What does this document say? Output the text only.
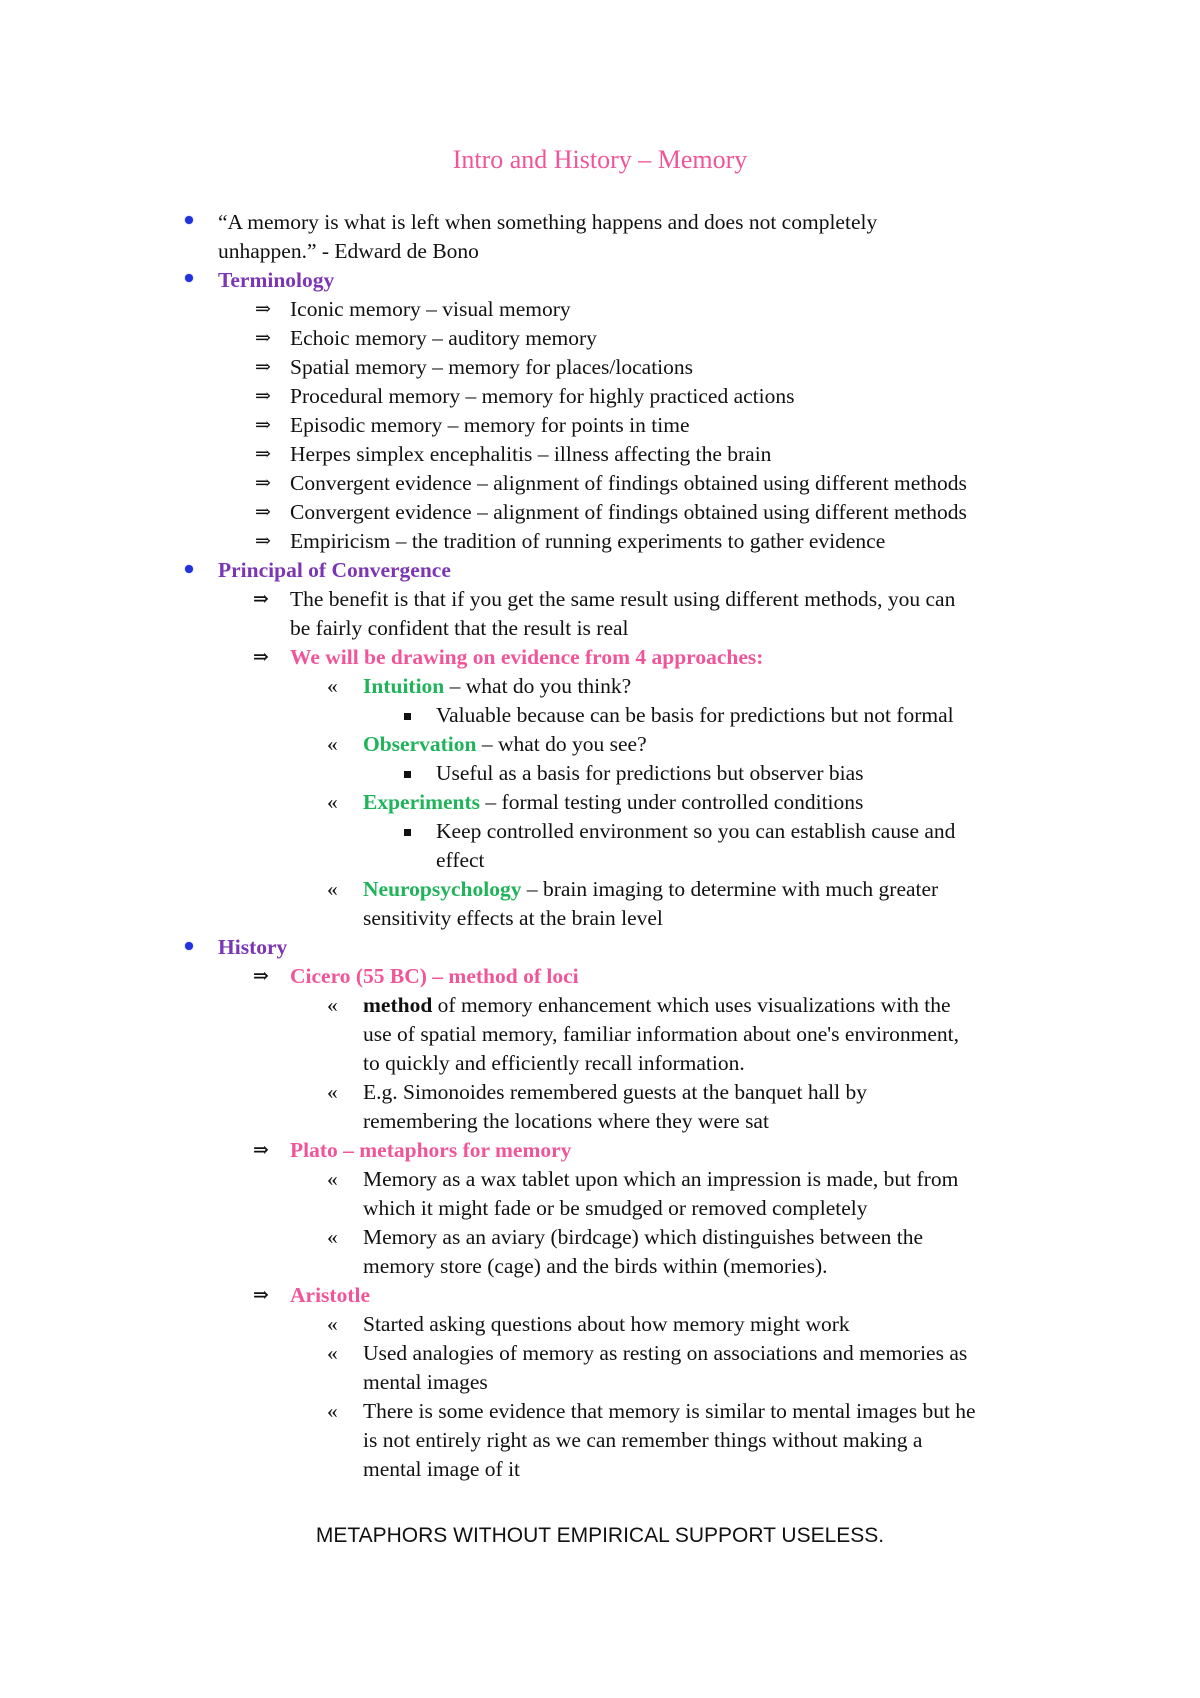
Intro and History – Memory
“A memory is what is left when something happens and does not completely
unhappen.” - Edward de Bono
Terminology
⇒ Iconic memory – visual memory
⇒ Echoic memory – auditory memory
⇒ Spatial memory – memory for places/locations
⇒ Procedural memory – memory for highly practiced actions
⇒ Episodic memory – memory for points in time
⇒ Herpes simplex encephalitis – illness affecting the brain
⇒ Convergent evidence – alignment of findings obtained using different methods
⇒ Convergent evidence – alignment of findings obtained using different methods
⇒ Empiricism – the tradition of running experiments to gather evidence
Principal of Convergence
⇒ The benefit is that if you get the same result using different methods, you can
be fairly confident that the result is real
⇒ We will be drawing on evidence from 4 approaches:
« Intuition – what do you think?
Valuable because can be basis for predictions but not formal
« Observation – what do you see?
Useful as a basis for predictions but observer bias
« Experiments – formal testing under controlled conditions
Keep controlled environment so you can establish cause and
effect
« Neuropsychology – brain imaging to determine with much greater
sensitivity effects at the brain level
History
⇒ Cicero (55 BC) – method of loci
« method of memory enhancement which uses visualizations with the
use of spatial memory, familiar information about one's environment,
to quickly and efficiently recall information.
« E.g. Simonoides remembered guests at the banquet hall by
remembering the locations where they were sat
⇒ Plato – metaphors for memory
« Memory as a wax tablet upon which an impression is made, but from
which it might fade or be smudged or removed completely
« Memory as an aviary (birdcage) which distinguishes between the
memory store (cage) and the birds within (memories).
⇒ Aristotle
« Started asking questions about how memory might work
« Used analogies of memory as resting on associations and memories as
mental images
« There is some evidence that memory is similar to mental images but he
is not entirely right as we can remember things without making a
mental image of it
METAPHORS WITHOUT EMPIRICAL SUPPORT USELESS.
